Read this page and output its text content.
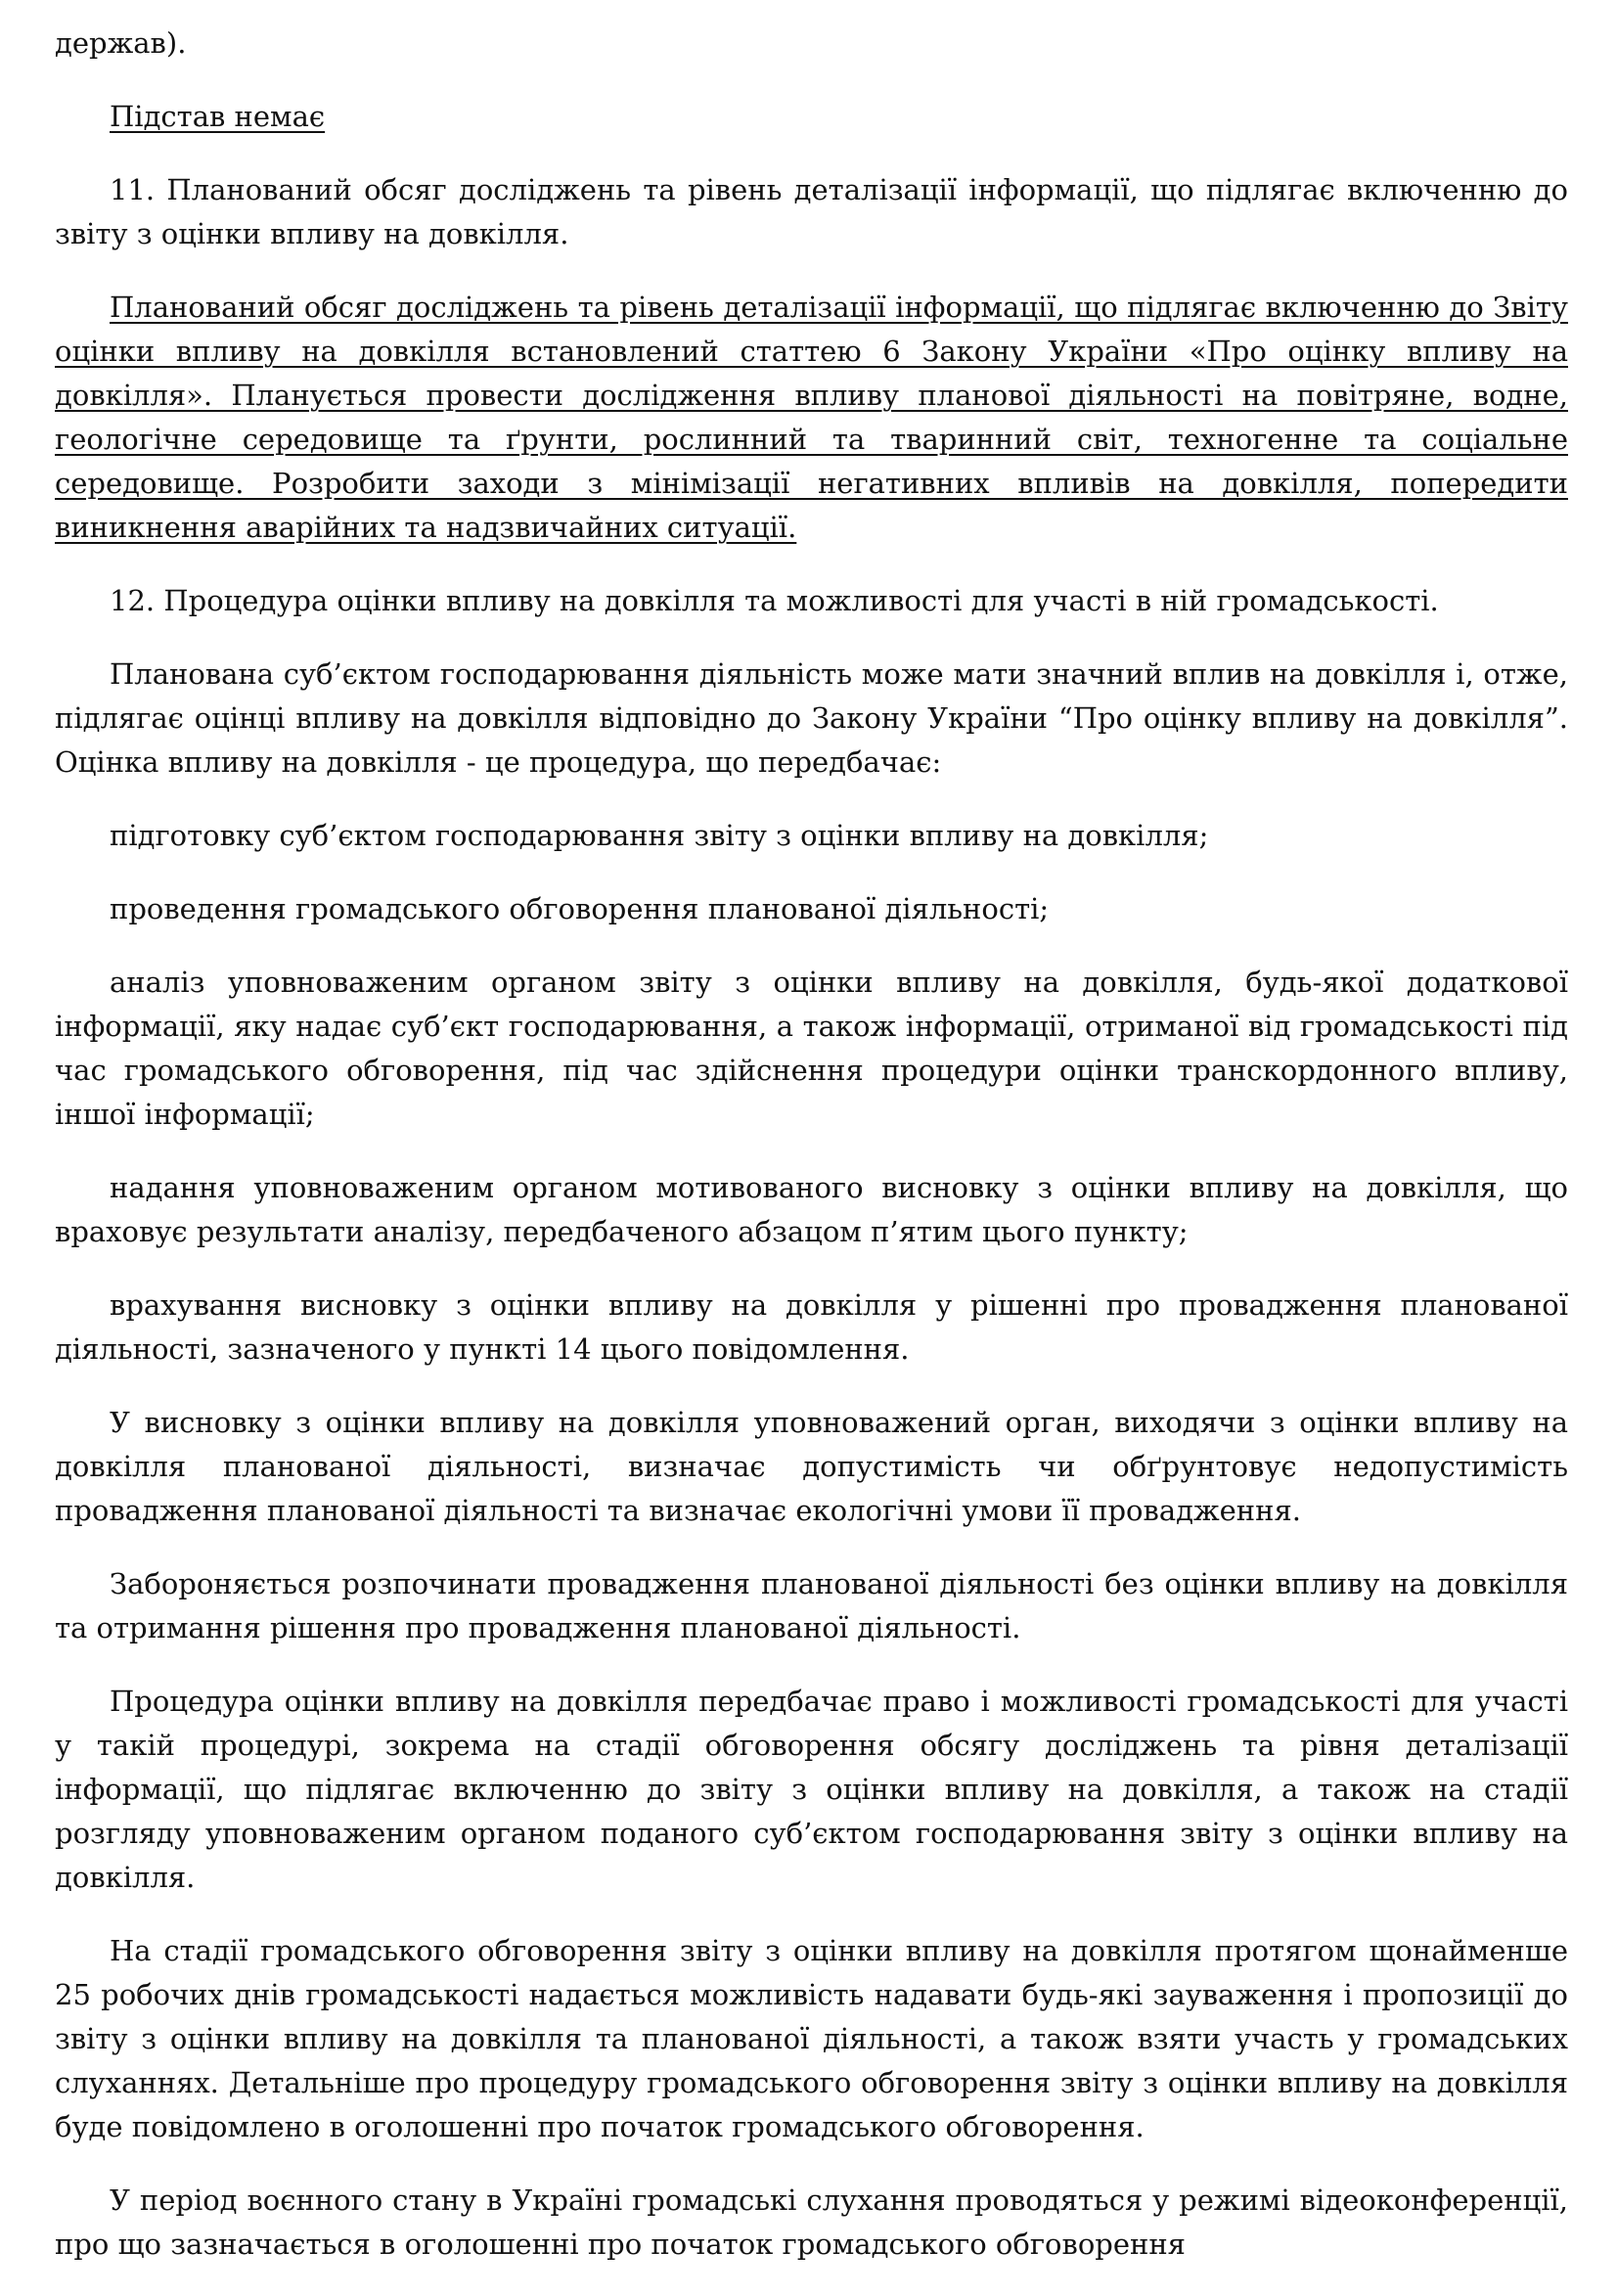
держав).

Підстав немає

11. Планований обсяг досліджень та рівень деталізації інформації, що підлягає включенню до звіту з оцінки впливу на довкілля.

Планований обсяг досліджень та рівень деталізації інформації, що підлягає включенню до Звіту оцінки впливу на довкілля встановлений статтею 6 Закону України «Про оцінку впливу на довкілля». Планується провести дослідження впливу планової діяльності на повітряне, водне, геологічне середовище та ґрунти, рослинний та тваринний світ, техногенне та соціальне середовище. Розробити заходи з мінімізації негативних впливів на довкілля, попередити виникнення аварійних та надзвичайних ситуації.

12. Процедура оцінки впливу на довкілля та можливості для участі в ній громадськості.

Планована суб’єктом господарювання діяльність може мати значний вплив на довкілля і, отже, підлягає оцінці впливу на довкілля відповідно до Закону України “Про оцінку впливу на довкілля”. Оцінка впливу на довкілля - це процедура, що передбачає:

підготовку суб’єктом господарювання звіту з оцінки впливу на довкілля;

проведення громадського обговорення планованої діяльності;

аналіз уповноваженим органом звіту з оцінки впливу на довкілля, будь-якої додаткової інформації, яку надає суб’єкт господарювання, а також інформації, отриманої від громадськості під час громадського обговорення, під час здійснення процедури оцінки транскордонного впливу, іншої інформації;

надання уповноваженим органом мотивованого висновку з оцінки впливу на довкілля, що враховує результати аналізу, передбаченого абзацом п’ятим цього пункту;

врахування висновку з оцінки впливу на довкілля у рішенні про провадження планованої діяльності, зазначеного у пункті 14 цього повідомлення.

У висновку з оцінки впливу на довкілля уповноважений орган, виходячи з оцінки впливу на довкілля планованої діяльності, визначає допустимість чи обґрунтовує недопустимість провадження планованої діяльності та визначає екологічні умови її провадження.

Забороняється розпочинати провадження планованої діяльності без оцінки впливу на довкілля та отримання рішення про провадження планованої діяльності.

Процедура оцінки впливу на довкілля передбачає право і можливості громадськості для участі у такій процедурі, зокрема на стадії обговорення обсягу досліджень та рівня деталізації інформації, що підлягає включенню до звіту з оцінки впливу на довкілля, а також на стадії розгляду уповноваженим органом поданого суб’єктом господарювання звіту з оцінки впливу на довкілля.

На стадії громадського обговорення звіту з оцінки впливу на довкілля протягом щонайменше 25 робочих днів громадськості надається можливість надавати будь-які зауваження і пропозиції до звіту з оцінки впливу на довкілля та планованої діяльності, а також взяти участь у громадських слуханнях. Детальніше про процедуру громадського обговорення звіту з оцінки впливу на довкілля буде повідомлено в оголошенні про початок громадського обговорення.

У період воєнного стану в Україні громадські слухання проводяться у режимі відеоконференції, про що зазначається в оголошенні про початок громадського обговорення
